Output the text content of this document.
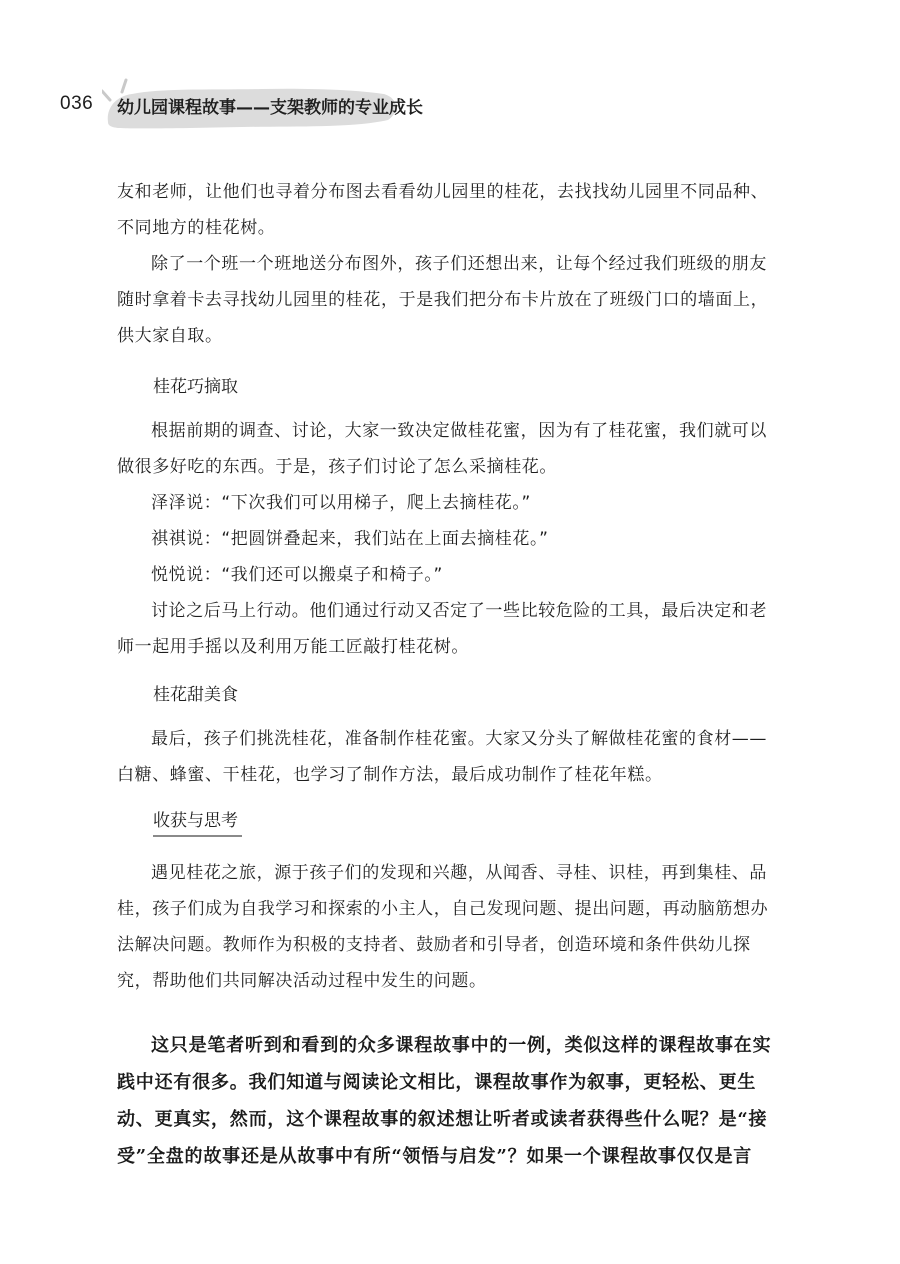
036 幼儿园课程故事——支架教师的专业成长

友和老师，让他们也寻着分布图去看看幼儿园里的桂花，去找找幼儿园里不同品种、不同地方的桂花树。

除了一个班一个班地送分布图外，孩子们还想出来，让每个经过我们班级的朋友随时拿着卡去寻找幼儿园里的桂花，于是我们把分布卡片放在了班级门口的墙面上，供大家自取。

桂花巧摘取

根据前期的调查、讨论，大家一致决定做桂花蜜，因为有了桂花蜜，我们就可以做很多好吃的东西。于是，孩子们讨论了怎么采摘桂花。

泽泽说：“下次我们可以用梯子，爬上去摘桂花。”

祺祺说：“把圆饼叠起来，我们站在上面去摘桂花。”

悦悦说：“我们还可以搬桌子和椅子。”

讨论之后马上行动。他们通过行动又否定了一些比较危险的工具，最后决定和老师一起用手摇以及利用万能工匠敲打桂花树。

桂花甜美食

最后，孩子们挑洗桂花，准备制作桂花蜜。大家又分头了解做桂花蜜的食材——白糖、蜂蜜、干桂花，也学习了制作方法，最后成功制作了桂花年糕。

收获与思考

遇见桂花之旅，源于孩子们的发现和兴趣，从闻香、寻桂、识桂，再到集桂、品桂，孩子们成为自我学习和探索的小主人，自己发现问题、提出问题，再动脑筋想办法解决问题。教师作为积极的支持者、鼓励者和引导者，创造环境和条件供幼儿探究，帮助他们共同解决活动过程中发生的问题。

这只是笔者听到和看到的众多课程故事中的一例，类似这样的课程故事在实践中还有很多。我们知道与阅读论文相比，课程故事作为叙事，更轻松、更生动、更真实，然而，这个课程故事的叙述想让听者或读者获得些什么呢？是“接受”全盘的故事还是从故事中有所“领悟与启发”？如果一个课程故事仅仅是言
